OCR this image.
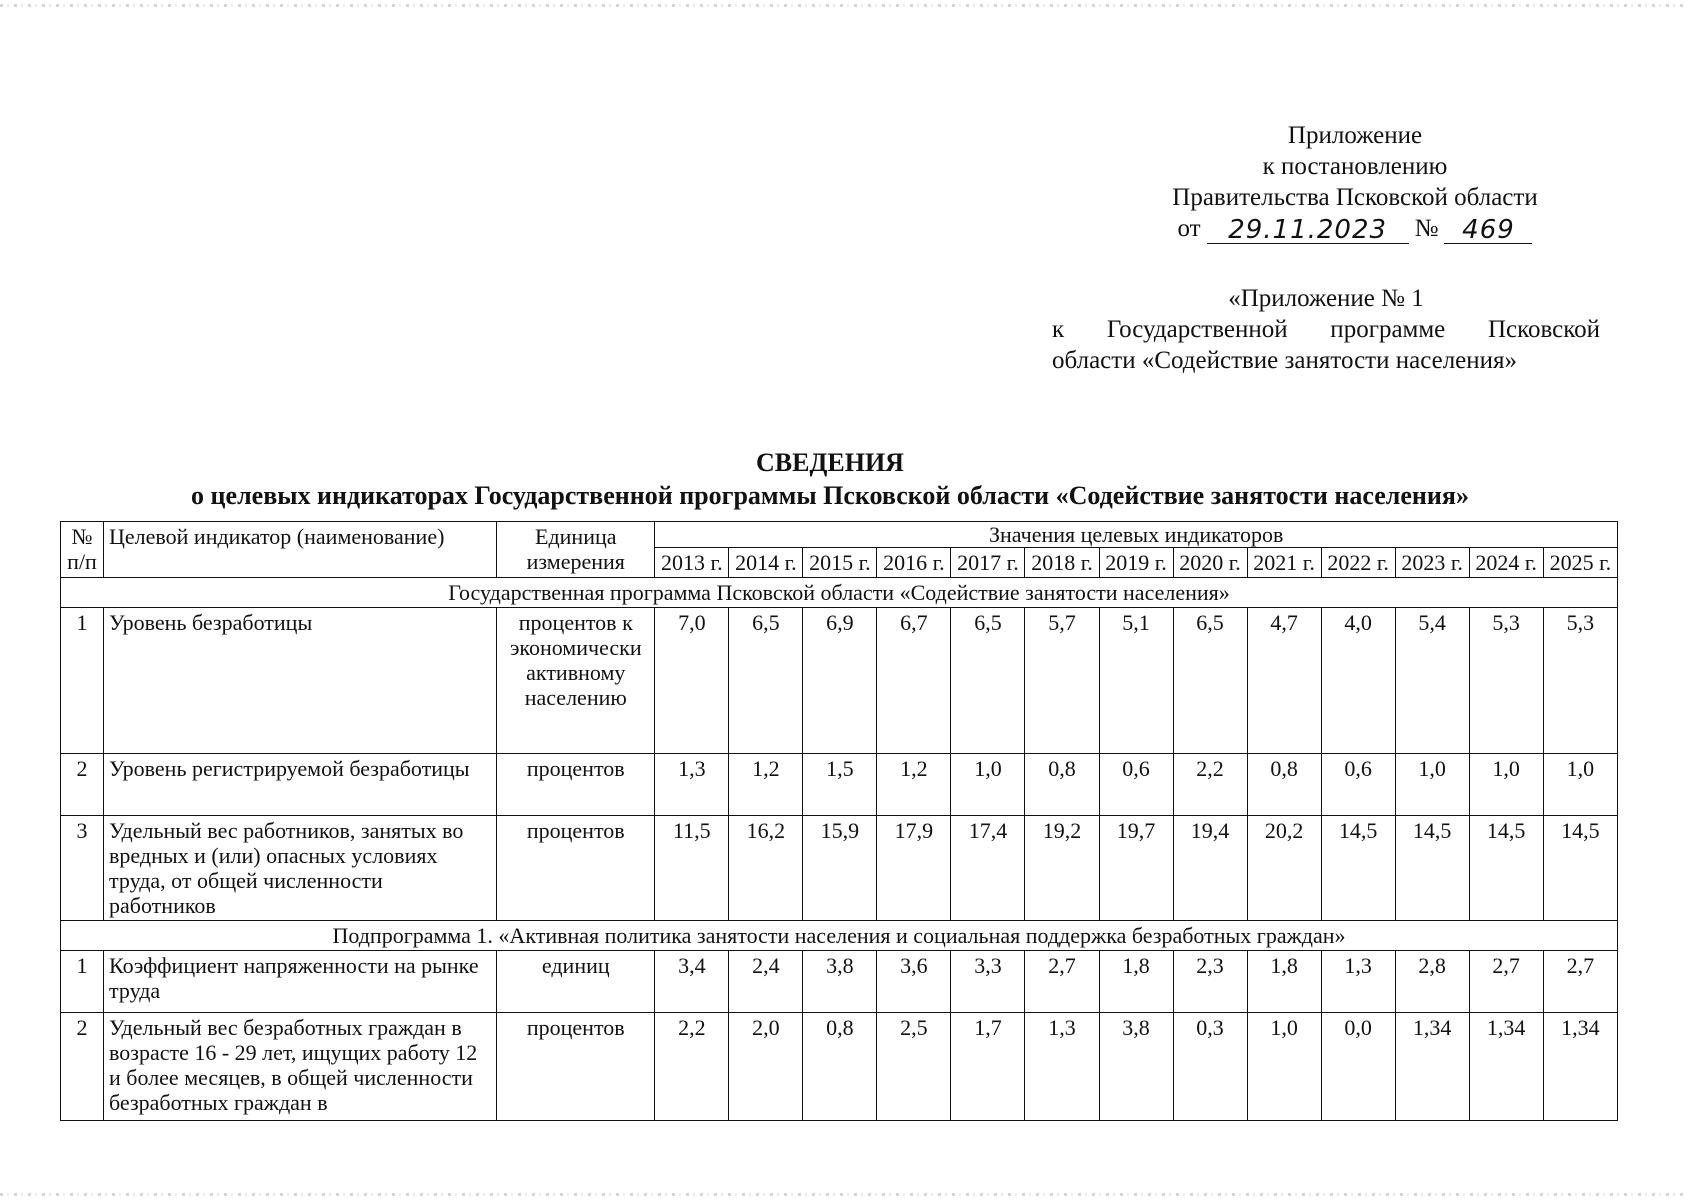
Приложение
к постановлению
Правительства Псковской области
от	29.11.2023	№ 469
«Приложение № 1
к Государственной программе Псковской
области «Содействие занятости населения»
СВЕДЕНИЯ
о целевых индикаторах Государственной программы Псковской области «Содействие занятости населения»
№ п/п	Целевой индикатор (наименование)	Единица измерения	Значения целевых индикаторов												
			2013 г.	2014 г.	2015 г.	2016 г.	2017 г.	2018 г.	2019 г.	2020 г.	2021 г.	2022 г.	2023 г.	2024 г.	2025 г.
Государственная программа Псковской области «Содействие занятости населения»															
1	Уровень безработицы	процентов к экономически активному населению	7,0	6,5	6,9	6,7	6,5	5,7	5,1	6,5	4,7	4,0	5,4	5,3	5,3
2	Уровень регистрируемой безработицы	процентов	1,3	1,2	1,5	1,2	1,0	0,8	0,6	2,2	0,8	0,6	1,0	1,0	1,0
3	Удельный вес работников, занятых во вредных и (или) опасных условиях труда, от общей численности работников	процентов	11,5	16,2	15,9	17,9	17,4	19,2	19,7	19,4	20,2	14,5	14,5	14,5	14,5
Подпрограмма 1. «Активная политика занятости населения и социальная поддержка безработных граждан»															
1	Коэффициент напряженности на рынке труда	единиц	3,4	2,4	3,8	3,6	3,3	2,7	1,8	2,3	1,8	1,3	2,8	2,7	2,7
2	Удельный вес безработных граждан в возрасте 16 - 29 лет, ищущих работу 12 и более месяцев, в общей численности безработных граждан в	процентов	2,2	2,0	0,8	2,5	1,7	1,3	3,8	0,3	1,0	0,0	1,34	1,34	1,34
